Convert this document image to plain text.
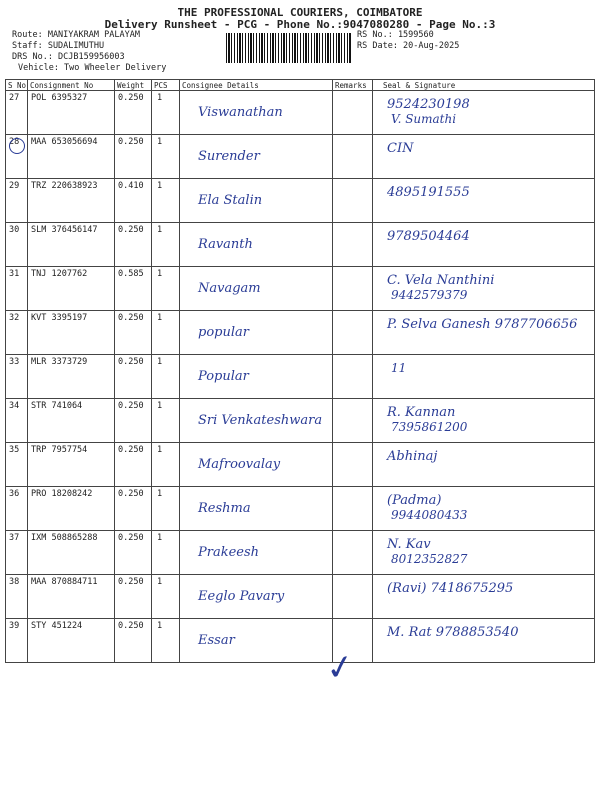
THE PROFESSIONAL COURIERS, COIMBATORE
Delivery Runsheet - PCG - Phone No.:9047080280 - Page No.:3
Route: MANIYAKRAM PALAYAM
Staff: SUDALIMUTHU
DRS No.: DCJB15995600З
Vehicle: Two Wheeler Delivery
RS No.: 1599560
RS Date: 20-Aug-2025
S No	Consignment No	Weight	PCS	Consignee Details	Remarks	Seal & Signature
27	POL 6395327	0.250	1	Viswanathan		9524230198
V. Sumathi

28	MAA 653056694	0.250	1	Surender		CIN

29	TRZ 220638923	0.410	1	Ela Stalin		4895191555

30	SLM 376456147	0.250	1	Ravanth		9789504464

31	TNJ 1207762	0.585	1	Navagam		C. Vela Nanthini
9442579379

32	KVT 3395197	0.250	1	popular		P. Selva Ganesh 9787706656

33	MLR 3373729	0.250	1	Popular		11

34	STR 741064	0.250	1	Sri Venkateshwara		R. Kannan
7395861200

35	TRP 7957754	0.250	1	Mafroovalay		Abhinaj

36	PRO 18208242	0.250	1	Reshma		(Padma)
9944080433

37	IXM 508865288	0.250	1	Prakeesh		N. Kav
8012352827

38	MAA 870884711	0.250	1	Eeglo Pavary		(Ravi) 7418675295

39	STY 451224	0.250	1	Essar		M. Rat 9788853540
✓
